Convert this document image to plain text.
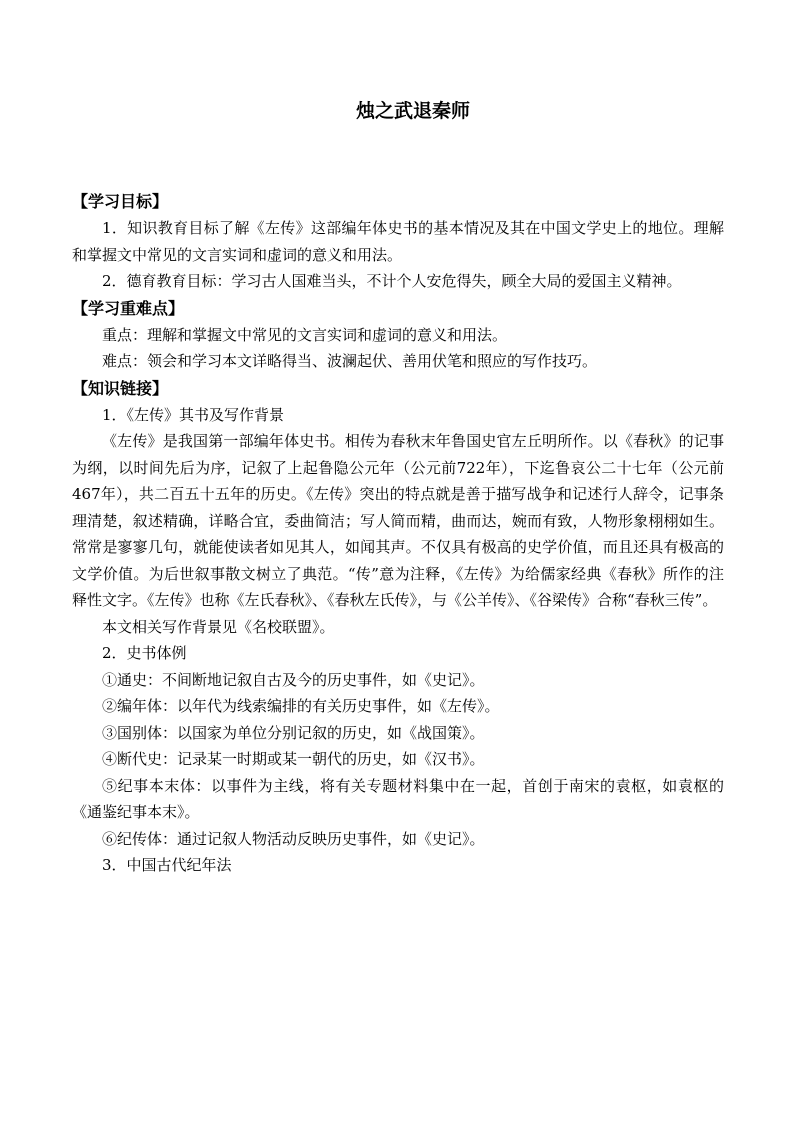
烛之武退秦师
【学习目标】

1．知识教育目标了解《左传》这部编年体史书的基本情况及其在中国文学史上的地位。理解和掌握文中常见的文言实词和虚词的意义和用法。

2．德育教育目标：学习古人国难当头，不计个人安危得失，顾全大局的爱国主义精神。

【学习重难点】

重点：理解和掌握文中常见的文言实词和虚词的意义和用法。

难点：领会和学习本文详略得当、波澜起伏、善用伏笔和照应的写作技巧。

【知识链接】

1．《左传》其书及写作背景

《左传》是我国第一部编年体史书。相传为春秋末年鲁国史官左丘明所作。以《春秋》的记事为纲，以时间先后为序，记叙了上起鲁隐公元年（公元前722年），下迄鲁哀公二十七年（公元前467年），共二百五十五年的历史。《左传》突出的特点就是善于描写战争和记述行人辞令，记事条理清楚，叙述精确，详略合宜，委曲简洁；写人简而精，曲而达，婉而有致，人物形象栩栩如生。常常是寥寥几句，就能使读者如见其人，如闻其声。不仅具有极高的史学价值，而且还具有极高的文学价值。为后世叙事散文树立了典范。“传”意为注释，《左传》为给儒家经典《春秋》所作的注释性文字。《左传》也称《左氏春秋》、《春秋左氏传》，与《公羊传》、《谷梁传》合称“春秋三传”。

本文相关写作背景见《名校联盟》。

2．史书体例

①通史：不间断地记叙自古及今的历史事件，如《史记》。

②编年体：以年代为线索编排的有关历史事件，如《左传》。

③国别体：以国家为单位分别记叙的历史，如《战国策》。

④断代史：记录某一时期或某一朝代的历史，如《汉书》。

⑤纪事本末体：以事件为主线，将有关专题材料集中在一起，首创于南宋的袁枢，如袁枢的《通鉴纪事本末》。

⑥纪传体：通过记叙人物活动反映历史事件，如《史记》。

3．中国古代纪年法
